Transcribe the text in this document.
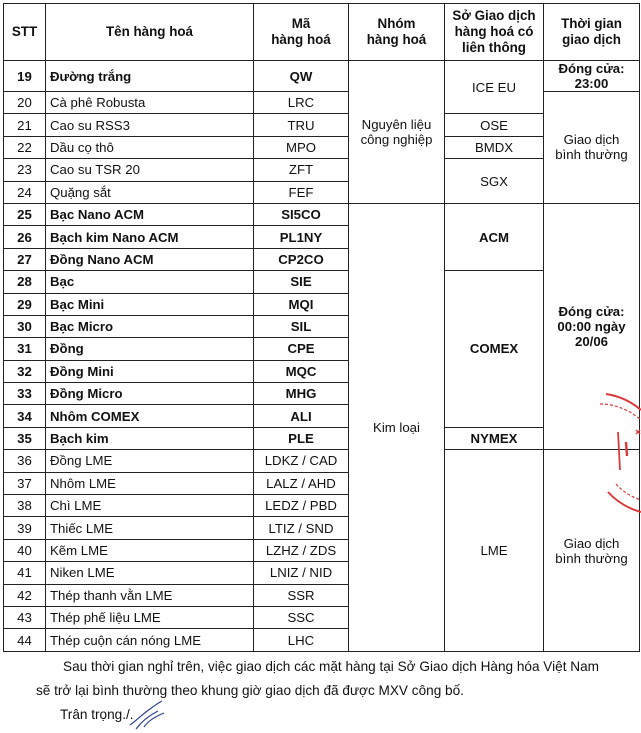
STT	Tên hàng hoá	Mã
hàng hoá	Nhóm
hàng hoá	Sở Giao dịch
hàng hoá có
liên thông	Thời gian
giao dịch
19	Đường trắng	QW	Nguyên liệu
công nghiệp	ICE EU	Đóng cửa: 23:00
20	Cà phê Robusta	LRC			Giao dịch
bình thường
21	Cao su RSS3	TRU		OSE	
22	Dầu cọ thô	MPO		BMDX	
23	Cao su TSR 20	ZFT		SGX	
24	Quặng sắt	FEF			
25	Bạc Nano ACM	SI5CO	Kim loại	ACM	Đóng cửa:
00:00 ngày 20/06
26	Bạch kim Nano ACM	PL1NY			
27	Đồng Nano ACM	CP2CO			
28	Bạc	SIE		COMEX	
29	Bạc Mini	MQI			
30	Bạc Micro	SIL			
31	Đồng	CPE			
32	Đồng Mini	MQC			
33	Đồng Micro	MHG			
34	Nhôm COMEX	ALI			
35	Bạch kim	PLE		NYMEX	
36	Đồng LME	LDKZ / CAD		LME	Giao dịch
bình thường
37	Nhôm LME	LALZ / AHD			
38	Chì LME	LEDZ / PBD			
39	Thiếc LME	LTIZ / SND			
40	Kẽm LME	LZHZ / ZDS			
41	Niken LME	LNIZ / NID			
42	Thép thanh vằn LME	SSR			
43	Thép phế liệu LME	SSC			
44	Thép cuộn cán nóng LME	LHC			

Sau thời gian nghỉ trên, việc giao dịch các mặt hàng tại Sở Giao dịch Hàng hóa Việt Nam

sẽ trở lại bình thường theo khung giờ giao dịch đã được MXV công bố.

Trân trọng./.
